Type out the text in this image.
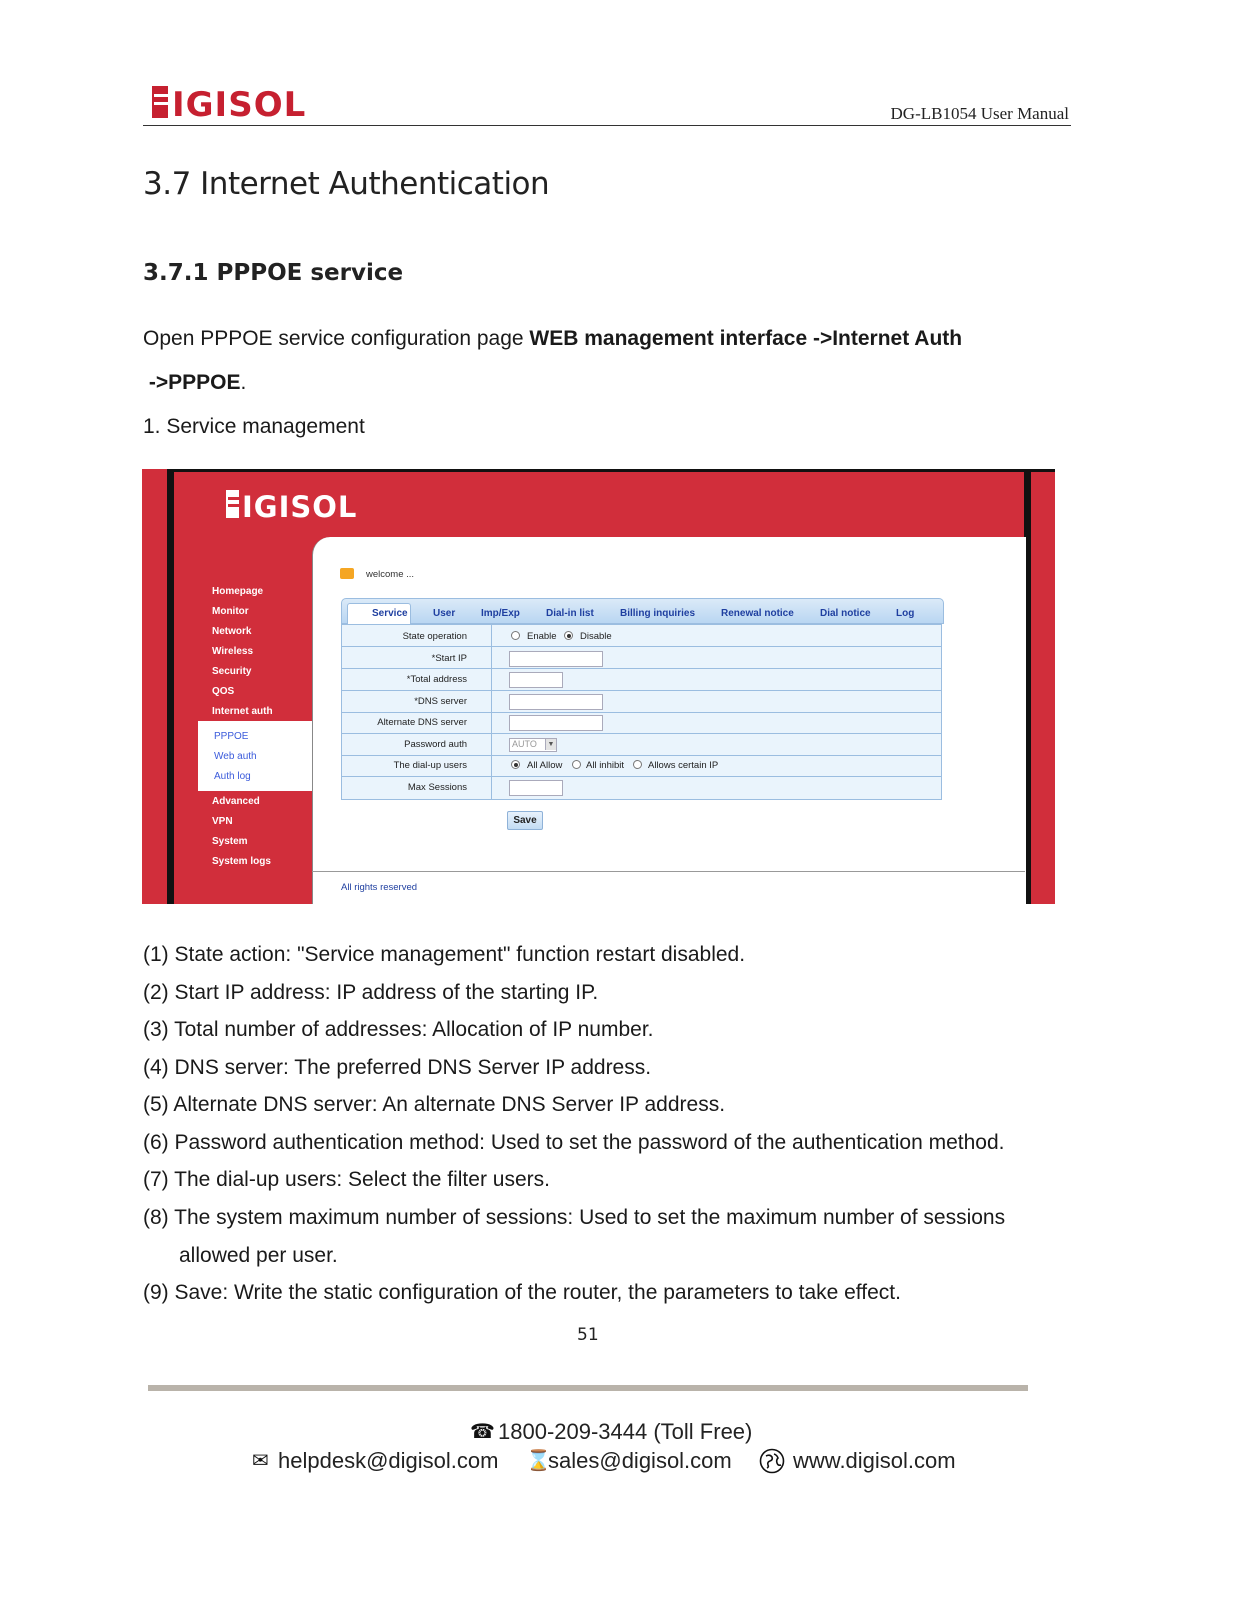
IGISOL	DG-LB1054 User Manual
3.7 Internet Authentication
3.7.1 PPPOE service
Open PPPOE service configuration page WEB management interface ->Internet Auth
->PPPOE.
1. Service management
IGISOL
Homepage
Monitor
Network
Wireless
Security
QOS
Internet auth
PPPOE
Web auth
Auth log
Advanced
VPN
System
System logs
welcome ...
Service	User	Imp/Exp	Dial-in list	Billing inquiries	Renewal notice	Dial notice	Log
State operation	Enable Disable
*Start IP
*Total address
*DNS server
Alternate DNS server
Password auth	AUTO	▼
The dial-up users	All Allow All inhibit	Allows certain IP
Max Sessions
Save
All rights reserved
(1) State action: "Service management" function restart disabled.
(2) Start IP address: IP address of the starting IP.
(3) Total number of addresses: Allocation of IP number.
(4) DNS server: The preferred DNS Server IP address.
(5) Alternate DNS server: An alternate DNS Server IP address.
(6) Password authentication method: Used to set the password of the authentication method.
(7) The dial-up users: Select the filter users.
(8) The system maximum number of sessions: Used to set the maximum number of sessions
allowed per user.
(9) Save: Write the static configuration of the router, the parameters to take effect.
51
☎ 1800-209-3444 (Toll Free)
✉ helpdesk@digisol.com ⌛
sales@digisol.com	www.digisol.com
